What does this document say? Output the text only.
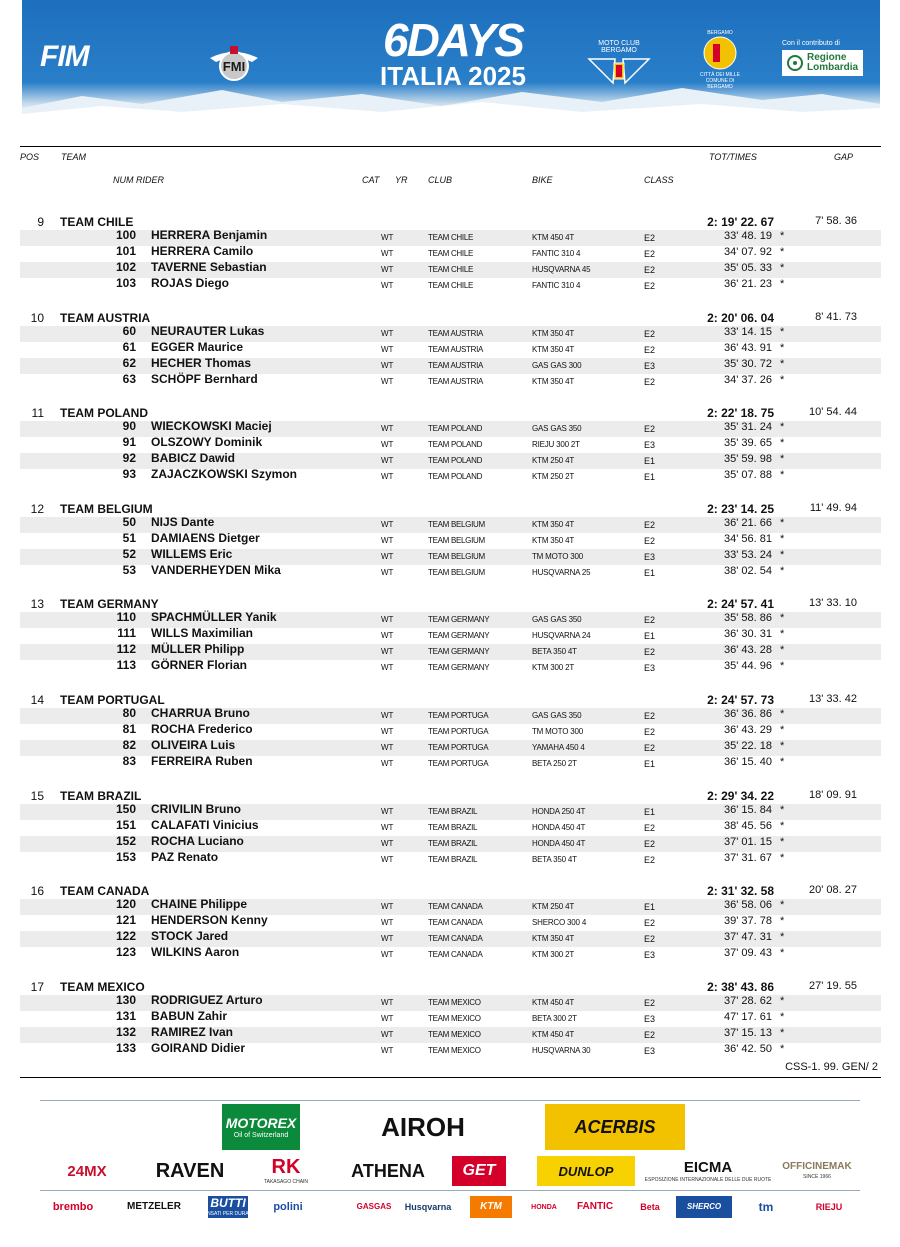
FIM	FMI
6DAYS
ITALIA 2025
MOTO CLUB BERGAMO
BERGAMO
CITTÀ DEI MILLE
COMUNE DI BERGAMO
Con il contributo di
Regione
Lombardia
POS TEAM	TOT/TIMES	GAP
NUM RIDER	CAT YR CLUB	BIKE	CLASS
9 TEAM CHILE	2: 19' 22. 67	7' 58. 36
100 HERRERA Benjamin	WT	TEAM CHILE	KTM 450 4T	E2	33' 48. 19 *
101 HERRERA Camilo	WT	TEAM CHILE	FANTIC 310 4	E2	34' 07. 92 *
102 TAVERNE Sebastian	WT	TEAM CHILE	HUSQVARNA 45	E2	35' 05. 33 *
103 ROJAS Diego	WT	TEAM CHILE	FANTIC 310 4	E2	36' 21. 23 *
10 TEAM AUSTRIA	2: 20' 06. 04	8' 41. 73
60 NEURAUTER Lukas	WT	TEAM AUSTRIA	KTM 350 4T	E2	33' 14. 15 *
61 EGGER Maurice	WT	TEAM AUSTRIA	KTM 350 4T	E2	36' 43. 91 *
62 HECHER Thomas	WT	TEAM AUSTRIA	GAS GAS 300	E3	35' 30. 72 *
63 SCHÖPF Bernhard	WT	TEAM AUSTRIA	KTM 350 4T	E2	34' 37. 26 *
11 TEAM POLAND	2: 22' 18. 75	10' 54. 44
90 WIECKOWSKI Maciej	WT	TEAM POLAND	GAS GAS 350	E2	35' 31. 24 *
91 OLSZOWY Dominik	WT	TEAM POLAND	RIEJU 300 2T	E3	35' 39. 65 *
92 BABICZ Dawid	WT	TEAM POLAND	KTM 250 4T	E1	35' 59. 98 *
93 ZAJACZKOWSKI Szymon	WT	TEAM POLAND	KTM 250 2T	E1	35' 07. 88 *
12 TEAM BELGIUM	2: 23' 14. 25	11' 49. 94
50 NIJS Dante	WT	TEAM BELGIUM	KTM 350 4T	E2	36' 21. 66 *
51 DAMIAENS Dietger	WT	TEAM BELGIUM	KTM 350 4T	E2	34' 56. 81 *
52 WILLEMS Eric	WT	TEAM BELGIUM	TM MOTO 300	E3	33' 53. 24 *
53 VANDERHEYDEN Mika	WT	TEAM BELGIUM	HUSQVARNA 25	E1	38' 02. 54 *
13 TEAM GERMANY	2: 24' 57. 41	13' 33. 10
110 SPACHMÜLLER Yanik	WT	TEAM GERMANY	GAS GAS 350	E2	35' 58. 86 *
111 WILLS Maximilian	WT	TEAM GERMANY	HUSQVARNA 24	E1	36' 30. 31 *
112 MÜLLER Philipp	WT	TEAM GERMANY	BETA 350 4T	E2	36' 43. 28 *
113 GÖRNER Florian	WT	TEAM GERMANY	KTM 300 2T	E3	35' 44. 96 *
14 TEAM PORTUGAL	2: 24' 57. 73	13' 33. 42
80 CHARRUA Bruno	WT	TEAM PORTUGA	GAS GAS 350	E2	36' 36. 86 *
81 ROCHA Frederico	WT	TEAM PORTUGA	TM MOTO 300	E2	36' 43. 29 *
82 OLIVEIRA Luis	WT	TEAM PORTUGA	YAMAHA 450 4	E2	35' 22. 18 *
83 FERREIRA Ruben	WT	TEAM PORTUGA	BETA 250 2T	E1	36' 15. 40 *
15 TEAM BRAZIL	2: 29' 34. 22	18' 09. 91
150 CRIVILIN Bruno	WT	TEAM BRAZIL	HONDA 250 4T	E1	36' 15. 84 *
151 CALAFATI Vinicius	WT	TEAM BRAZIL	HONDA 450 4T	E2	38' 45. 56 *
152 ROCHA Luciano	WT	TEAM BRAZIL	HONDA 450 4T	E2	37' 01. 15 *
153 PAZ Renato	WT	TEAM BRAZIL	BETA 350 4T	E2	37' 31. 67 *
16 TEAM CANADA	2: 31' 32. 58	20' 08. 27
120 CHAINE Philippe	WT	TEAM CANADA	KTM 250 4T	E1	36' 58. 06 *
121 HENDERSON Kenny	WT	TEAM CANADA	SHERCO 300 4	E2	39' 37. 78 *
122 STOCK Jared	WT	TEAM CANADA	KTM 350 4T	E2	37' 47. 31 *
123 WILKINS Aaron	WT	TEAM CANADA	KTM 300 2T	E3	37' 09. 43 *
17 TEAM MEXICO	2: 38' 43. 86	27' 19. 55
130 RODRIGUEZ Arturo	WT	TEAM MEXICO	KTM 450 4T	E2	37' 28. 62 *
131 BABUN Zahir	WT	TEAM MEXICO	BETA 300 2T	E3	47' 17. 61 *
132 RAMIREZ Ivan	WT	TEAM MEXICO	KTM 450 4T	E2	37' 15. 13 *
133 GOIRAND Didier	WT	TEAM MEXICO	HUSQVARNA 30	E3	36' 42. 50 *
CSS-1. 99. GEN/ 2
MOTOREX
Oil of Switzerland	AIROH	ACERBIS
24MX RAVEN RK
TAKASAGO CHAIN
ATHENA GET	DUNLOP	EICMA
ESPOSIZIONE INTERNAZIONALE DELLE DUE RUOTE
OFFICINEMAK
SINCE 1966
brembo	METZELER BUTTI
PENSATI PER DURARE
polini	GASGAS Husqvarna	KTM	HONDA FANTIC	Beta	SHERCO	tm	RIEJU
